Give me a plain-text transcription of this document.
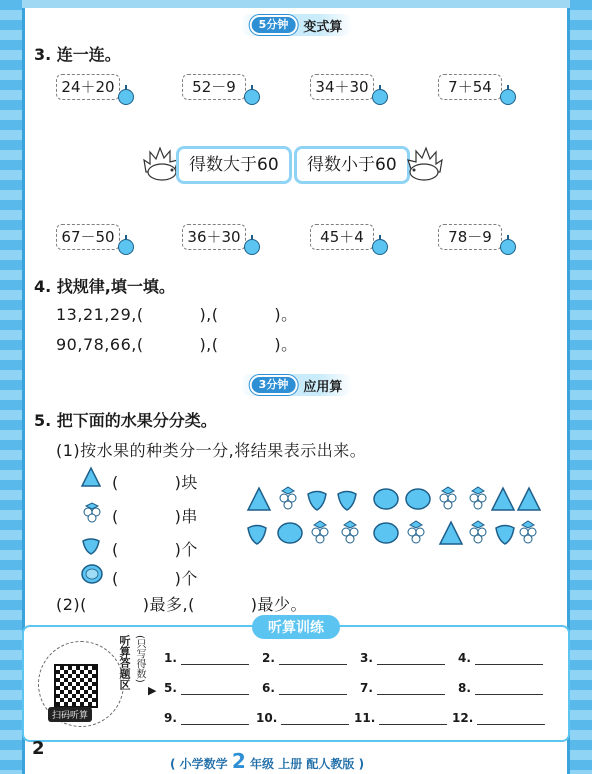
5分钟	变式算
3. 连一连。
24＋20	52－9	34＋30	7＋54
得数大于60	得数小于60
67－50	36＋30	45＋4	78－9
4. 找规律,填一填。
13,21,29,(          ),(          )。
90,78,66,(          ),(          )。
3分钟	应用算
5. 把下面的水果分分类。
(1)按水果的种类分一分,将结果表示出来。
(          )块
(          )串
(          )个
(          )个
(2)(          )最多,(          )最少。
听算训练
扫码听算
听算答题区 (只写得数)
▶
1.	2.	3.	4.
5.	6.	7.	8.
9.	10.	11.	12.
2
( 小学数学 2 年级 上册 配人教版 )
